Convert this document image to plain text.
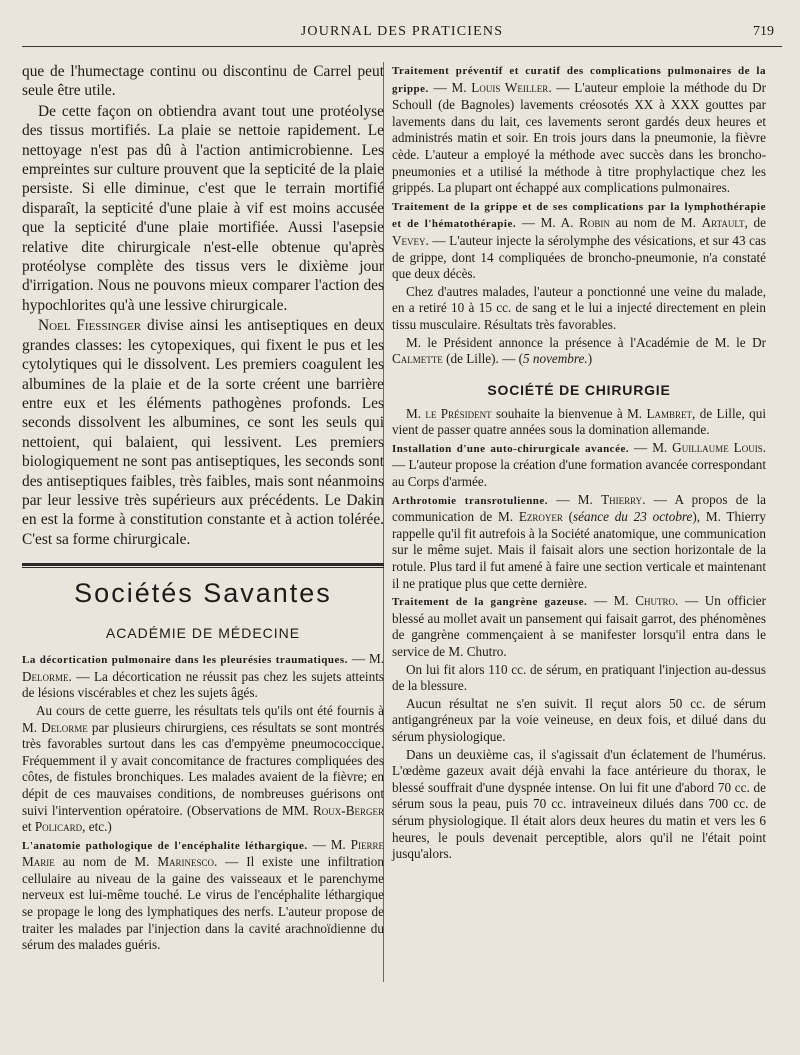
JOURNAL DES PRATICIENS	719

que de l'humectage continu ou discontinu de Carrel peut seule être utile.

De cette façon on obtiendra avant tout une protéolyse des tissus mortifiés. La plaie se nettoie rapidement. Le nettoyage n'est pas dû à l'action antimicrobienne. Les empreintes sur culture prouvent que la septicité de la plaie persiste. Si elle diminue, c'est que le terrain mortifié disparaît, la septicité d'une plaie à vif est moins accusée que la septicité d'une plaie mortifiée. Aussi l'asepsie relative dite chirurgicale n'est-elle obtenue qu'après protéolyse complète des tissus vers le dixième jour d'irrigation. Nous ne pouvons mieux comparer l'action des hypochlorites qu'à une lessive chirurgicale.

Noel Fiessinger divise ainsi les antiseptiques en deux grandes classes: les cytopexiques, qui fixent le pus et les cytolytiques qui le dissolvent. Les premiers coagulent les albumines de la plaie et de la sorte créent une barrière entre eux et les éléments pathogènes profonds. Les seconds dissolvent les albumines, ce sont les seuls qui nettoient, qui balaient, qui lessivent. Les premiers biologiquement ne sont pas antiseptiques, les seconds sont des antiseptiques faibles, très faibles, mais sont néanmoins par leur lessive très supérieurs aux précédents. Le Dakin en est la forme à constitution constante et à action tolérée. C'est sa forme chirurgicale.

Sociétés Savantes
ACADÉMIE DE MÉDECINE

La décortication pulmonaire dans les pleurésies traumatiques. — M. Delorme. — La décortication ne réussit pas chez les sujets atteints de lésions viscérables et chez les sujets âgés.

Au cours de cette guerre, les résultats tels qu'ils ont été fournis à M. Delorme par plusieurs chirurgiens, ces résultats se sont montrés très favorables surtout dans les cas d'empyème pneumococcique. Fréquemment il y avait concomitance de fractures compliquées des côtes, de fistules bronchiques. Les malades avaient de la fièvre; en dépit de ces mauvaises conditions, de nombreuses guérisons ont suivi l'intervention opératoire. (Observations de MM. Roux-Berger et Policard, etc.)

L'anatomie pathologique de l'encéphalite léthargique. — M. Pierre Marie au nom de M. Marinesco. — Il existe une infiltration cellulaire au niveau de la gaine des vaisseaux et le parenchyme nerveux est lui-même touché. Le virus de l'encéphalite léthargique se propage le long des lymphatiques des nerfs. L'auteur propose de traiter les malades par l'injection dans la cavité arachnoïdienne du sérum des malades guéris.

Traitement préventif et curatif des complications pulmonaires de la grippe. — M. Louis Weiller. — L'auteur emploie la méthode du Dr Schoull (de Bagnoles) lavements créosotés XX à XXX gouttes par lavements dans du lait, ces lavements seront gardés deux heures et administrés matin et soir. En trois jours dans la pneumonie, la fièvre cède. L'auteur a employé la méthode avec succès dans les broncho-pneumonies et a utilisé la méthode à titre prophylactique chez les grippés. La plupart ont échappé aux complications pulmonaires.

Traitement de la grippe et de ses complications par la lymphothérapie et de l'hématothérapie. — M. A. Robin au nom de M. Artault, de Vevey. — L'auteur injecte la sérolymphe des vésications, et sur 43 cas de grippe, dont 14 compliquées de broncho-pneumonie, n'a constaté que deux décès.

Chez d'autres malades, l'auteur a ponctionné une veine du malade, en a retiré 10 à 15 cc. de sang et le lui a injecté directement en plein tissu musculaire. Résultats très favorables.

M. le Président annonce la présence à l'Académie de M. le Dr Calmette (de Lille). — (5 novembre.)

SOCIÉTÉ DE CHIRURGIE

M. le Président souhaite la bienvenue à M. Lambret, de Lille, qui vient de passer quatre années sous la domination allemande.

Installation d'une auto-chirurgicale avancée. — M. Guillaume Louis. — L'auteur propose la création d'une formation avancée correspondant au Corps d'armée.

Arthrotomie transrotulienne. — M. Thierry. — A propos de la communication de M. Ezroyer (séance du 23 octobre), M. Thierry rappelle qu'il fit autrefois à la Société anatomique, une communication sur le même sujet. Mais il faisait alors une section horizontale de la rotule. Plus tard il fut amené à faire une section verticale et maintenant il ne pratique plus que cette dernière.

Traitement de la gangrène gazeuse. — M. Chutro. — Un officier blessé au mollet avait un pansement qui faisait garrot, des phénomènes de gangrène commençaient à se manifester lorsqu'il entra dans le service de M. Chutro.

On lui fit alors 110 cc. de sérum, en pratiquant l'injection au-dessus de la blessure.

Aucun résultat ne s'en suivit. Il reçut alors 50 cc. de sérum antigangréneux par la voie veineuse, en deux fois, et dilué dans du sérum physiologique.

Dans un deuxième cas, il s'agissait d'un éclatement de l'humérus. L'œdème gazeux avait déjà envahi la face antérieure du thorax, le blessé souffrait d'une dyspnée intense. On lui fit une d'abord 70 cc. de sérum sous la peau, puis 70 cc. intraveineux dilués dans 700 cc. de sérum physiologique. Il était alors deux heures du matin et vers les 6 heures, le pouls devenait perceptible, alors qu'il ne l'était point jusqu'alors.
